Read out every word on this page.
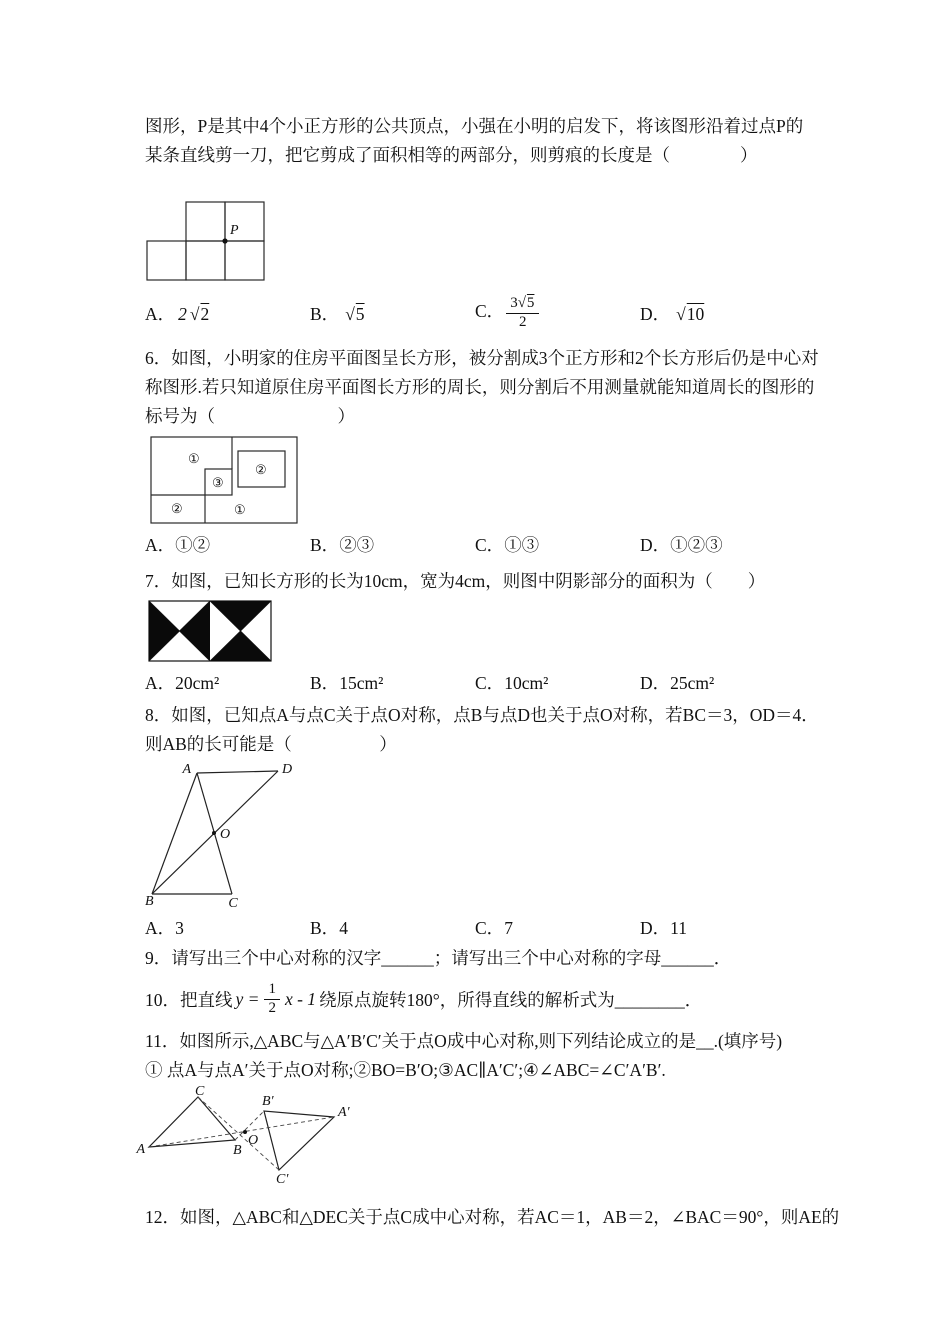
图形，P是其中4个小正方形的公共顶点，小强在小明的启发下，将该图形沿着过点P的

某条直线剪一刀，把它剪成了面积相等的两部分，则剪痕的长度是（　　　　）

P
A． 2 √2	B． √5	C． $\frac{3√5}{2}$	D． √10

6．如图，小明家的住房平面图呈长方形，被分割成3个正方形和2个长方形后仍是中心对

称图形.若只知道原住房平面图长方形的周长，则分割后不用测量就能知道周长的图形的

标号为（　　　　　　　）

①
②
③
②	①
A．①②	B．②③	C．①③	D．①②③

7．如图，已知长方形的长为10cm，宽为4cm，则图中阴影部分的面积为（　　）

A．20cm²	B．15cm²	C．10cm²	D．25cm²

8．如图，已知点A与点C关于点O对称，点B与点D也关于点O对称，若BC＝3，OD＝4．

则AB的长可能是（　　　　　）

A	D
O
B	C
A．3	B．4	C．7	D．11

9．请写出三个中心对称的汉字______；请写出三个中心对称的字母______．

10．把直线 $y = \frac{1}{2}$ x - 1 绕原点旋转180°，所得直线的解析式为________．

11．如图所示,△ABC与△A′B′C′关于点O成中心对称,则下列结论成立的是__.(填序号)

① 点A与点A′关于点O对称;②BO=B′O;③AC∥A′C′;④∠ABC=∠C′A′B′.

A	B
C
O
A′
B′
C′

12．如图，△ABC和△DEC关于点C成中心对称，若AC＝1，AB＝2，∠BAC＝90°，则AE的
